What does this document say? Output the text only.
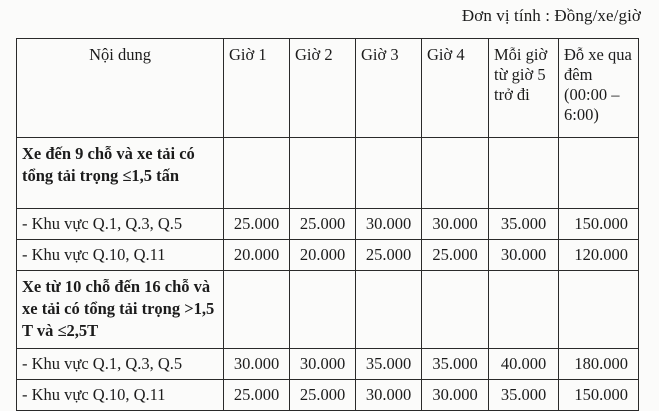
Đơn vị tính : Đồng/xe/giờ
Nội dung	Giờ 1	Giờ 2	Giờ 3	Giờ 4	Mỗi giờ từ giờ 5 trở đi	Đỗ xe qua đêm (00:00 – 6:00)
Xe đến 9 chỗ và xe tải có tổng tải trọng ≤1,5 tấn						
- Khu vực Q.1, Q.3, Q.5	25.000	25.000	30.000	30.000	35.000	150.000
- Khu vực Q.10, Q.11	20.000	20.000	25.000	25.000	30.000	120.000
Xe từ 10 chỗ đến 16 chỗ và xe tải có tổng tải trọng >1,5 T và ≤2,5T						
- Khu vực Q.1, Q.3, Q.5	30.000	30.000	35.000	35.000	40.000	180.000
- Khu vực Q.10, Q.11	25.000	25.000	30.000	30.000	35.000	150.000
